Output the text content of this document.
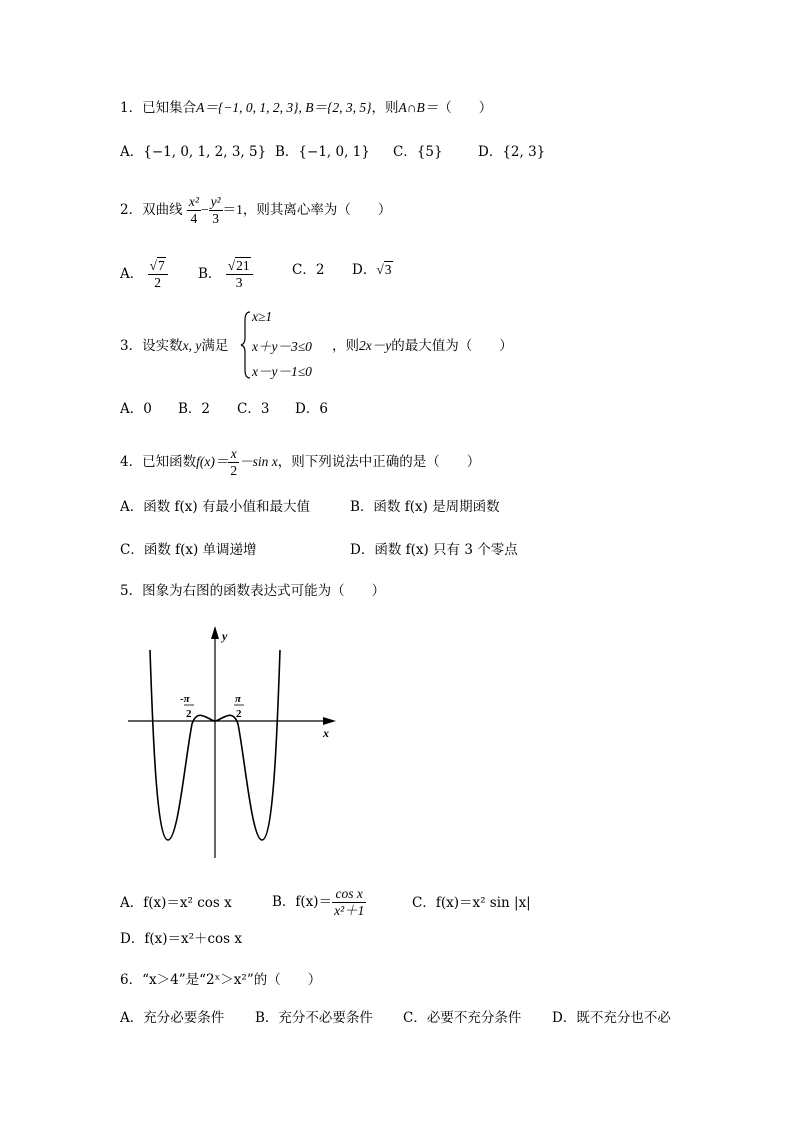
1．已知集合A＝{−1, 0, 1, 2, 3}, B＝{2, 3, 5}，则A∩B＝（　　）
A．{−1, 0, 1, 2, 3, 5} B．{−1, 0, 1} C．{5}	D．{2, 3}
2．双曲线 $\frac{\text{x²}}{4} - \frac{\text{y²}}{3} =1$，则其离心率为（　　）
A． $\frac{√7}{2}$ B． $\frac{√21}{3}$	C．2 D．√3
3．设实数x, y满足
x≥1
x＋y－3≤0
x－y－1≤0
，则2x－y的最大值为（　　）
A．0 B．2 C．3 D．6
4．已知函数$f(x)= \frac{x}{2} -\sin$ x，则下列说法中正确的是（　　）
A．函数 f(x) 有最小值和最大值	B．函数 f(x) 是周期函数
C．函数 f(x) 单调递增	D．函数 f(x) 只有 3 个零点
5．图象为右图的函数表达式可能为（　　）
y
x
-π
2
π
2
A．f(x)＝x² cos x	B．$f(x)= \frac{\text{cos x}}{\text{x²＋1}}$	C．f(x)＝x² sin |x|
D．f(x)＝x²＋cos x
6．“x＞4”是“2ˣ＞x²”的（　　）
A．充分必要条件 B．充分不必要条件 C．必要不充分条件 D．既不充分也不必
